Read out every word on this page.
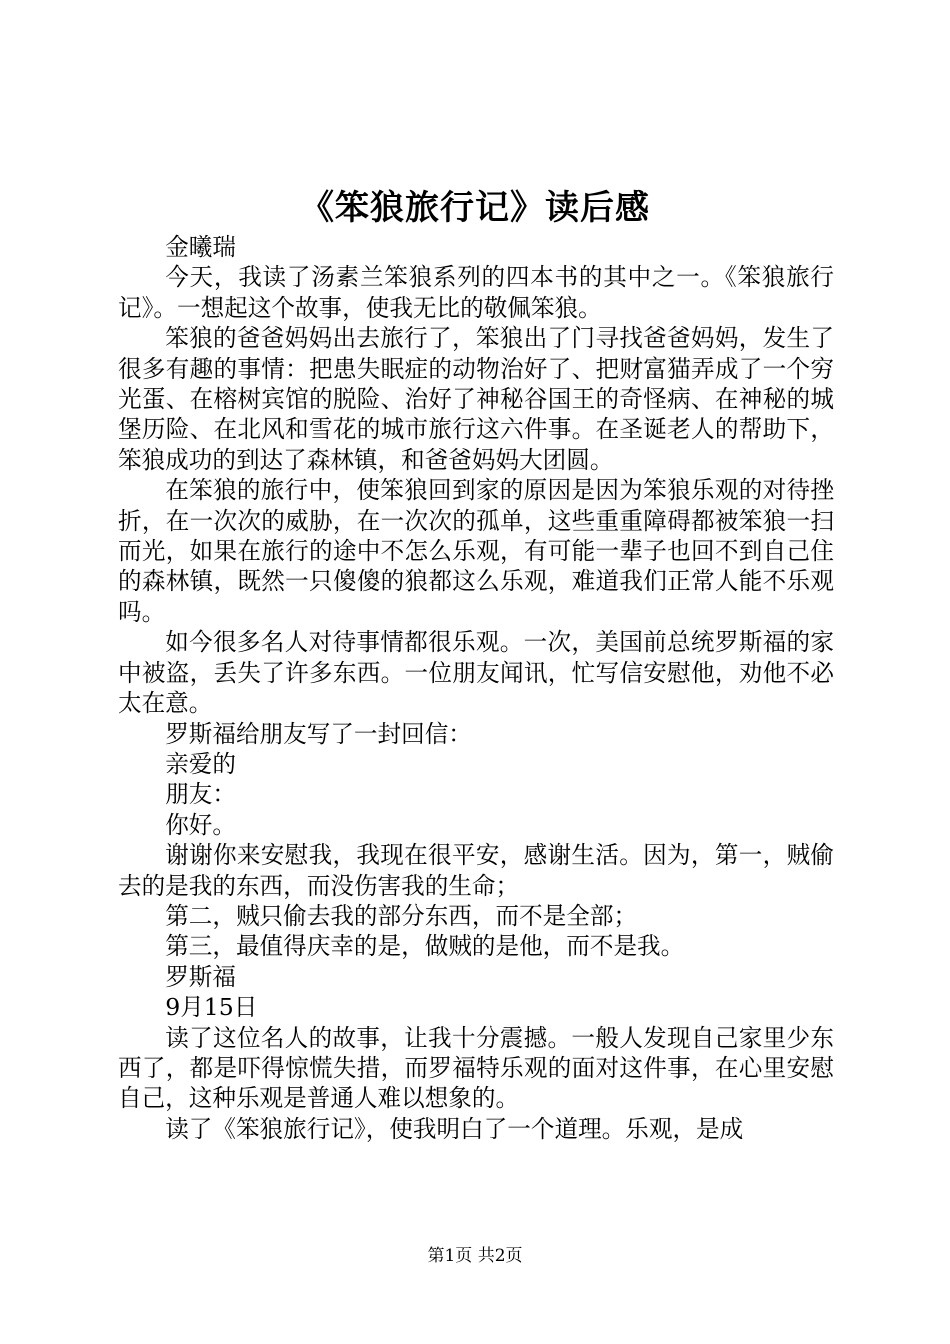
《笨狼旅行记》读后感

金曦瑞

今天，我读了汤素兰笨狼系列的四本书的其中之一。《笨狼旅行记》。一想起这个故事，使我无比的敬佩笨狼。

笨狼的爸爸妈妈出去旅行了，笨狼出了门寻找爸爸妈妈，发生了很多有趣的事情：把患失眠症的动物治好了、把财富猫弄成了一个穷光蛋、在榕树宾馆的脱险、治好了神秘谷国王的奇怪病、在神秘的城堡历险、在北风和雪花的城市旅行这六件事。在圣诞老人的帮助下，笨狼成功的到达了森林镇，和爸爸妈妈大团圆。

在笨狼的旅行中，使笨狼回到家的原因是因为笨狼乐观的对待挫折，在一次次的威胁，在一次次的孤单，这些重重障碍都被笨狼一扫而光，如果在旅行的途中不怎么乐观，有可能一辈子也回不到自己住的森林镇，既然一只傻傻的狼都这么乐观，难道我们正常人能不乐观吗。

如今很多名人对待事情都很乐观。一次，美国前总统罗斯福的家中被盗，丢失了许多东西。一位朋友闻讯，忙写信安慰他，劝他不必太在意。

罗斯福给朋友写了一封回信：

亲爱的

朋友：

你好。

谢谢你来安慰我，我现在很平安，感谢生活。因为，第一，贼偷去的是我的东西，而没伤害我的生命；

第二，贼只偷去我的部分东西，而不是全部；

第三，最值得庆幸的是，做贼的是他，而不是我。

罗斯福

9月15日

读了这位名人的故事，让我十分震撼。一般人发现自己家里少东西了，都是吓得惊慌失措，而罗福特乐观的面对这件事，在心里安慰自己，这种乐观是普通人难以想象的。

读了《笨狼旅行记》，使我明白了一个道理。乐观，是成

第1页 共2页
